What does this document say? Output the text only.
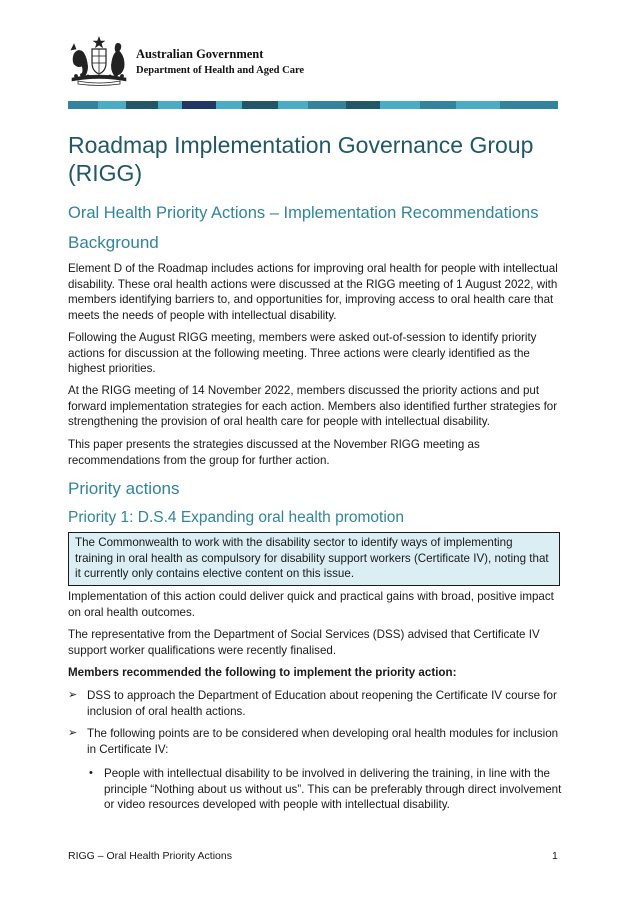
Australian Government
Department of Health and Aged Care
Roadmap Implementation Governance Group (RIGG)
Oral Health Priority Actions – Implementation Recommendations
Background

Element D of the Roadmap includes actions for improving oral health for people with intellectual disability. These oral health actions were discussed at the RIGG meeting of 1 August 2022, with members identifying barriers to, and opportunities for, improving access to oral health care that meets the needs of people with intellectual disability.

Following the August RIGG meeting, members were asked out-of-session to identify priority actions for discussion at the following meeting. Three actions were clearly identified as the highest priorities.

At the RIGG meeting of 14 November 2022, members discussed the priority actions and put forward implementation strategies for each action. Members also identified further strategies for strengthening the provision of oral health care for people with intellectual disability.

This paper presents the strategies discussed at the November RIGG meeting as recommendations from the group for further action.

Priority actions
Priority 1: D.S.4 Expanding oral health promotion
The Commonwealth to work with the disability sector to identify ways of implementing training in oral health as compulsory for disability support workers (Certificate IV), noting that it currently only contains elective content on this issue.

Implementation of this action could deliver quick and practical gains with broad, positive impact on oral health outcomes.

The representative from the Department of Social Services (DSS) advised that Certificate IV support worker qualifications were recently finalised.

Members recommended the following to implement the priority action:

➢ DSS to approach the Department of Education about reopening the Certificate IV course for inclusion of oral health actions.

➢ The following points are to be considered when developing oral health modules for inclusion in Certificate IV:

• People with intellectual disability to be involved in delivering the training, in line with the principle “Nothing about us without us”. This can be preferably through direct involvement or video resources developed with people with intellectual disability.

RIGG – Oral Health Priority Actions	1
